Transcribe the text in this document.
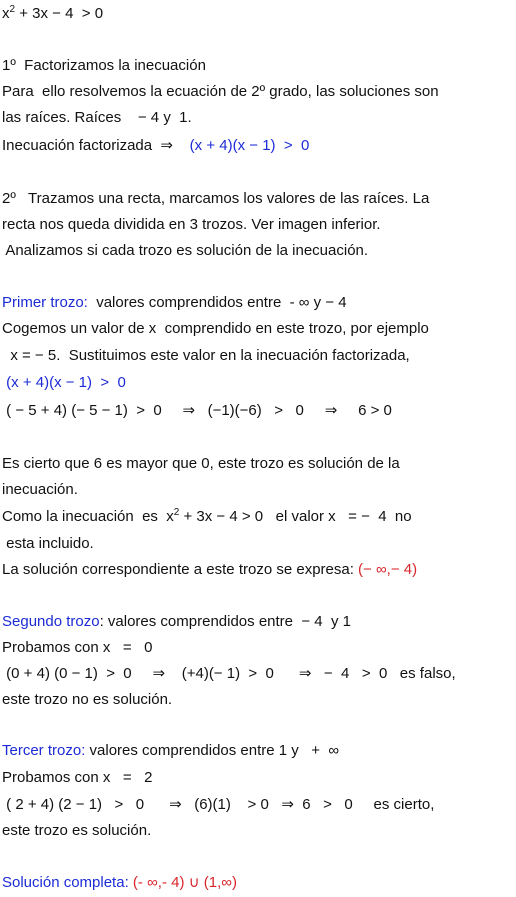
$x^2 + 3x - 4 > 0$
1º  Factorizamos la inecuación
Para  ello resolvemos la ecuación de 2º grado, las soluciones son
las raíces. Raíces    − 4 y  1.
Inecuación factorizada  ⇒    (x + 4)(x − 1)  >  0
2º   Trazamos una recta, marcamos los valores de las raíces. La
recta nos queda dividida en 3 trozos. Ver imagen inferior.
Analizamos si cada trozo es solución de la inecuación.
Primer trozo:  valores comprendidos entre  - ∞ y − 4
Cogemos un valor de x  comprendido en este trozo, por ejemplo
x = − 5.  Sustituimos este valor en la inecuación factorizada,
(x + 4)(x − 1)  >  0
( − 5 + 4) (− 5 − 1)  >  0     ⇒   (−1)(−6)   >   0     ⇒     6 > 0
Es cierto que 6 es mayor que 0, este trozo es solución de la
inecuación.
Como la inecuación  es  $x^2 + 3x - 4 > 0$   el valor x   = −  4  no
esta incluido.
La solución correspondiente a este trozo se expresa: (− ∞,− 4)
Segundo trozo: valores comprendidos entre  − 4  y 1
Probamos con x   =   0
(0 + 4) (0 − 1)  >  0     ⇒    (+4)(− 1)  >  0      ⇒   −  4   >  0   es falso,
este trozo no es solución.
Tercer trozo: valores comprendidos entre 1 y   +  ∞
Probamos con x   =   2
( 2 + 4) (2 − 1)   >   0      ⇒   (6)(1)    > 0   ⇒  6   >   0     es cierto,
este trozo es solución.
Solución completa: (- ∞,- 4) ∪ (1,∞)
